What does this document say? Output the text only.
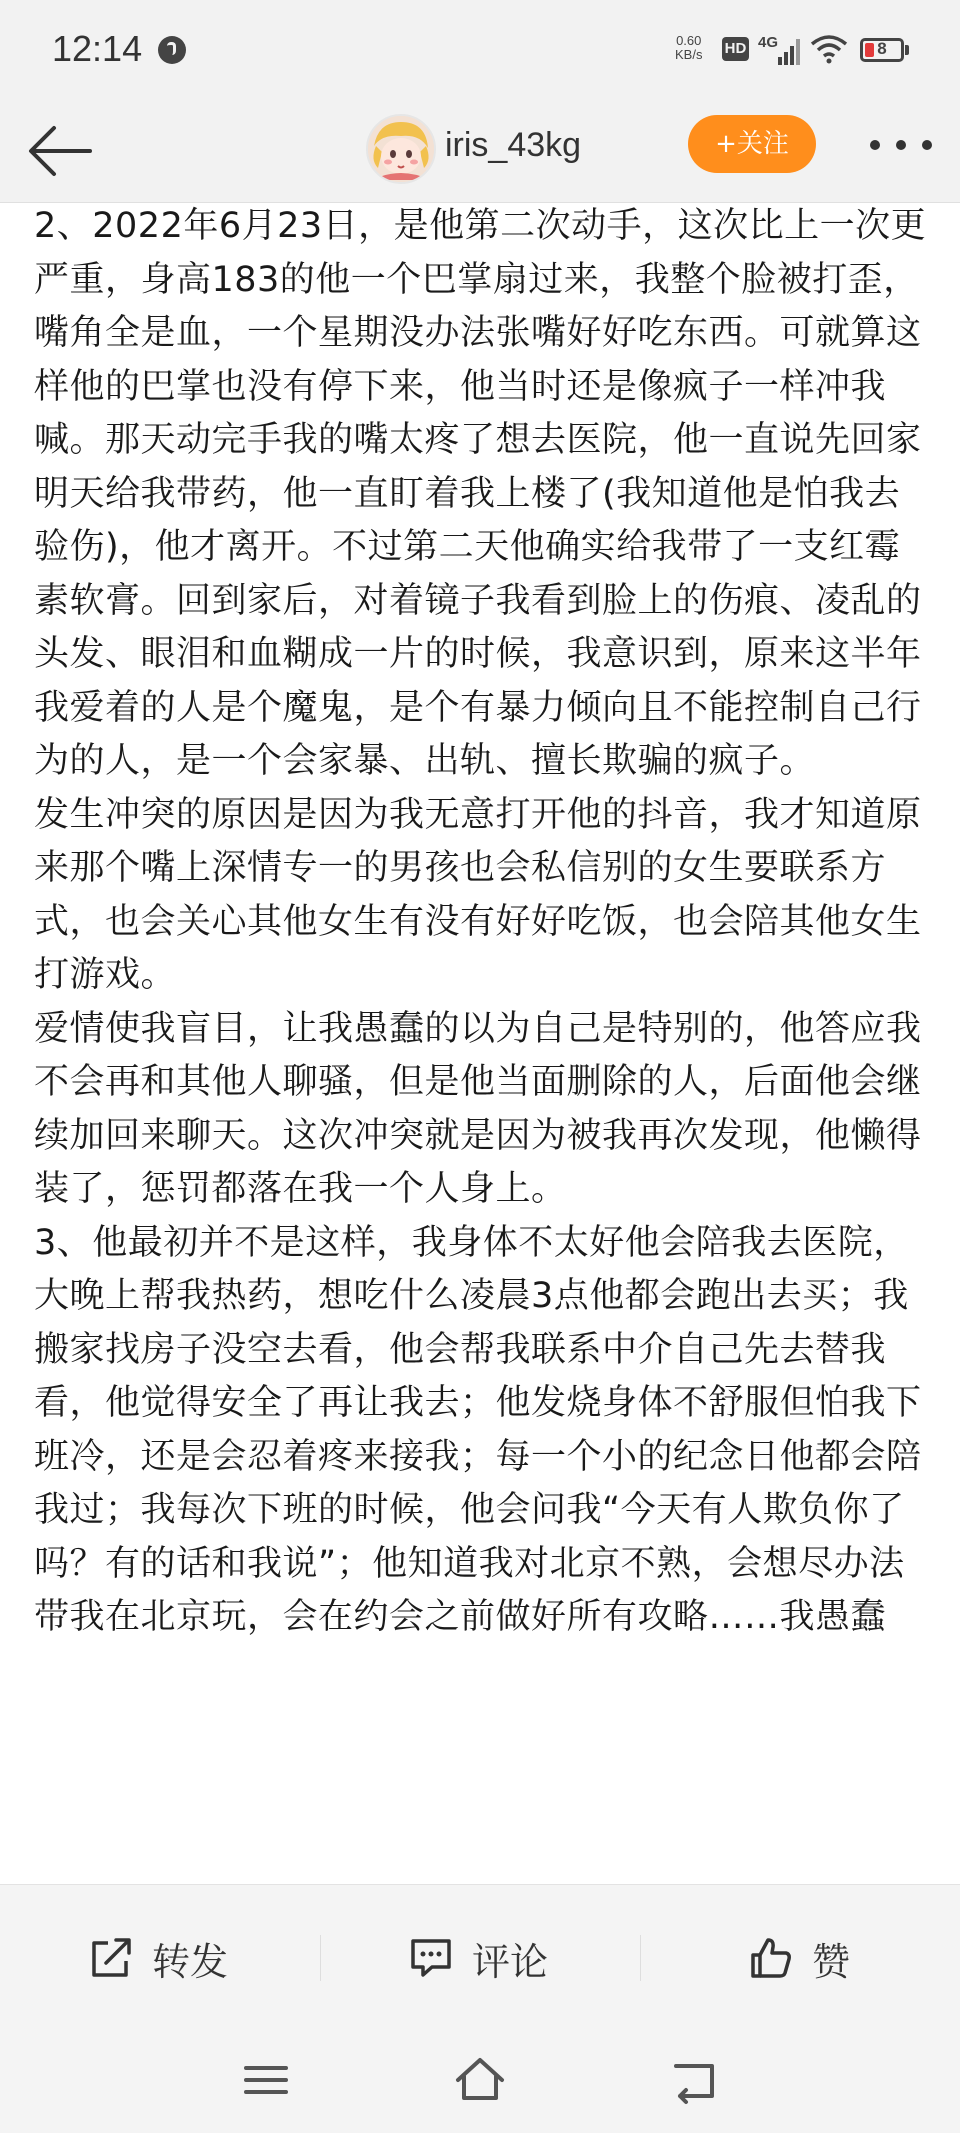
12:14	0.60
KB/s HD 4G	8
iris_43kg	+关注

2、2022年6月23日，是他第二次动手，这次比上一次更严重，身高183的他一个巴掌扇过来，我整个脸被打歪，嘴角全是血，一个星期没办法张嘴好好吃东西。可就算这样他的巴掌也没有停下来，他当时还是像疯子一样冲我喊。那天动完手我的嘴太疼了想去医院，他一直说先回家明天给我带药，他一直盯着我上楼了(我知道他是怕我去验伤)，他才离开。不过第二天他确实给我带了一支红霉素软膏。回到家后，对着镜子我看到脸上的伤痕、凌乱的头发、眼泪和血糊成一片的时候，我意识到，原来这半年我爱着的人是个魔鬼，是个有暴力倾向且不能控制自己行为的人，是一个会家暴、出轨、擅长欺骗的疯子。

发生冲突的原因是因为我无意打开他的抖音，我才知道原来那个嘴上深情专一的男孩也会私信别的女生要联系方式，也会关心其他女生有没有好好吃饭，也会陪其他女生打游戏。

爱情使我盲目，让我愚蠢的以为自己是特别的，他答应我不会再和其他人聊骚，但是他当面删除的人，后面他会继续加回来聊天。这次冲突就是因为被我再次发现，他懒得装了，惩罚都落在我一个人身上。

3、他最初并不是这样，我身体不太好他会陪我去医院，大晚上帮我热药，想吃什么凌晨3点他都会跑出去买；我搬家找房子没空去看，他会帮我联系中介自己先去替我看，他觉得安全了再让我去；他发烧身体不舒服但怕我下班冷，还是会忍着疼来接我；每一个小的纪念日他都会陪我过；我每次下班的时候，他会问我“今天有人欺负你了吗？有的话和我说”；他知道我对北京不熟，会想尽办法带我在北京玩，会在约会之前做好所有攻略……我愚蠢

转发	评论	赞
